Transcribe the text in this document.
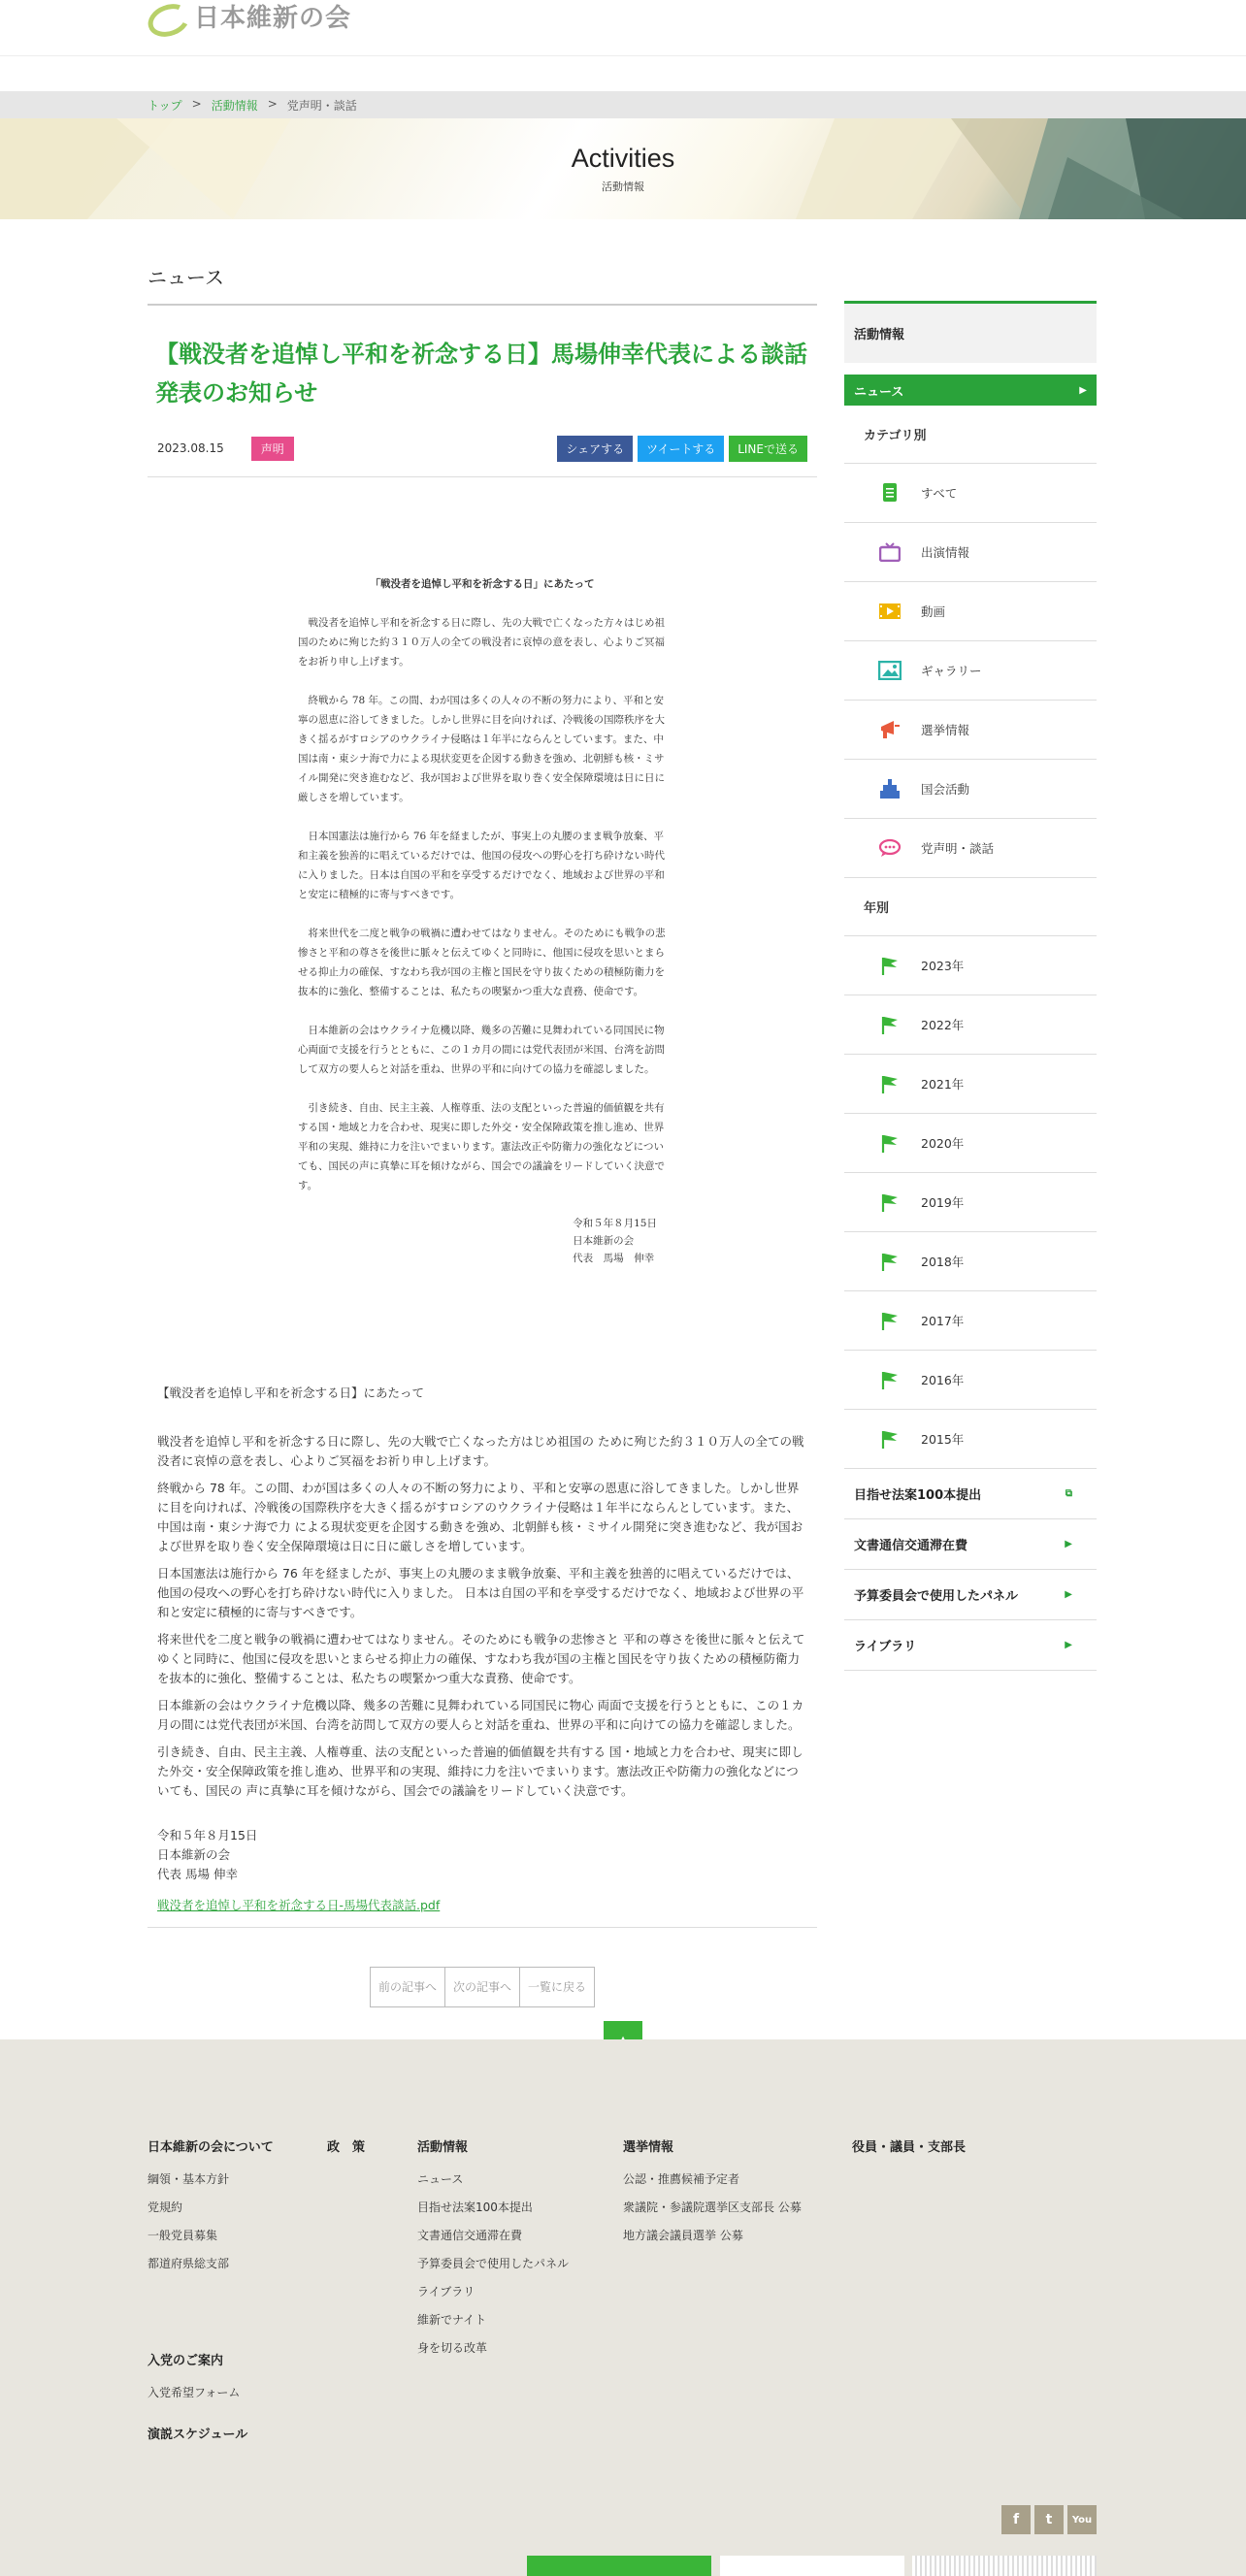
日本維新の会
トップ > 活動情報 > 党声明・談話
Activities
活動情報
ニュース
【戦没者を追悼し平和を祈念する日】馬場伸幸代表による談話発表のお知らせ
2023.08.15	声明	シェアする	ツイートする	LINEで送る
「戦没者を追悼し平和を祈念する日」にあたって

戦没者を追悼し平和を祈念する日に際し、先の大戦で亡くなった方々はじめ祖国のために殉じた約３１０万人の全ての戦没者に哀悼の意を表し、心よりご冥福をお祈り申し上げます。

終戦から 78 年。この間、わが国は多くの人々の不断の努力により、平和と安寧の恩恵に浴してきました。しかし世界に目を向ければ、冷戦後の国際秩序を大きく揺るがすロシアのウクライナ侵略は１年半にならんとしています。また、中国は南・東シナ海で力による現状変更を企図する動きを強め、北朝鮮も核・ミサイル開発に突き進むなど、我が国および世界を取り巻く安全保障環境は日に日に厳しさを増しています。

日本国憲法は施行から 76 年を経ましたが、事実上の丸腰のまま戦争放棄、平和主義を独善的に唱えているだけでは、他国の侵攻への野心を打ち砕けない時代に入りました。日本は自国の平和を享受するだけでなく、地域および世界の平和と安定に積極的に寄与すべきです。

将来世代を二度と戦争の戦禍に遭わせてはなりません。そのためにも戦争の悲惨さと平和の尊さを後世に脈々と伝えてゆくと同時に、他国に侵攻を思いとまらせる抑止力の確保、すなわち我が国の主権と国民を守り抜くための積極防衛力を抜本的に強化、整備することは、私たちの喫緊かつ重大な責務、使命です。

日本維新の会はウクライナ危機以降、幾多の苦難に見舞われている同国民に物心両面で支援を行うとともに、この１カ月の間には党代表団が米国、台湾を訪問して双方の要人らと対話を重ね、世界の平和に向けての協力を確認しました。

引き続き、自由、民主主義、人権尊重、法の支配といった普遍的価値観を共有する国・地域と力を合わせ、現実に即した外交・安全保障政策を推し進め、世界平和の実現、維持に力を注いでまいります。憲法改正や防衛力の強化などについても、国民の声に真摯に耳を傾けながら、国会での議論をリードしていく決意です。

令和５年８月15日
日本維新の会
代表　馬場　伸幸

【戦没者を追悼し平和を祈念する日】にあたって

戦没者を追悼し平和を祈念する日に際し、先の大戦で亡くなった方はじめ祖国の ために殉じた約３１０万人の全ての戦没者に哀悼の意を表し、心よりご冥福をお祈り申し上げます。

終戦から 78 年。この間、わが国は多くの人々の不断の努力により、平和と安寧の恩恵に浴してきました。しかし世界に目を向ければ、冷戦後の国際秩序を大きく揺るがすロシアのウクライナ侵略は１年半にならんとしています。また、中国は南・東シナ海で力 による現状変更を企図する動きを強め、北朝鮮も核・ミサイル開発に突き進むなど、我が国および世界を取り巻く安全保障環境は日に日に厳しさを増しています。

日本国憲法は施行から 76 年を経ましたが、事実上の丸腰のまま戦争放棄、平和主義を独善的に唱えているだけでは、他国の侵攻への野心を打ち砕けない時代に入りました。 日本は自国の平和を享受するだけでなく、地域および世界の平和と安定に積極的に寄与すべきです。

将来世代を二度と戦争の戦禍に遭わせてはなりません。そのためにも戦争の悲惨さと 平和の尊さを後世に脈々と伝えてゆくと同時に、他国に侵攻を思いとまらせる抑止力の確保、すなわち我が国の主権と国民を守り抜くための積極防衛力を抜本的に強化、整備することは、私たちの喫緊かつ重大な責務、使命です。

日本維新の会はウクライナ危機以降、幾多の苦難に見舞われている同国民に物心 両面で支援を行うとともに、この１カ月の間には党代表団が米国、台湾を訪問して双方の要人らと対話を重ね、世界の平和に向けての協力を確認しました。

引き続き、自由、民主主義、人権尊重、法の支配といった普遍的価値観を共有する 国・地域と力を合わせ、現実に即した外交・安全保障政策を推し進め、世界平和の実現、維持に力を注いでまいります。憲法改正や防衛力の強化などについても、国民の 声に真摯に耳を傾けながら、国会での議論をリードしていく決意です。

令和５年８月15日
日本維新の会
代表 馬場 伸幸
戦没者を追悼し平和を祈念する日-馬場代表談話.pdf
前の記事へ	次の記事へ	一覧に戻る
活動情報
ニュース	▶
カテゴリ別
すべて
出演情報
動画
ギャラリー
選挙情報
国会活動
党声明・談話
年別
2023年
2022年
2021年
2020年
2019年
2018年
2017年
2016年
2015年
目指せ法案100本提出	⧉
文書通信交通滞在費	▶
予算委員会で使用したパネル	▶
ライブラリ	▶
日本維新の会について
綱領・基本方針
党規約
一般党員募集
都道府県総支部
政　策	活動情報
ニュース
目指せ法案100本提出
文書通信交通滞在費
予算委員会で使用したパネル
ライブラリ
維新でナイト
身を切る改革
選挙情報
公認・推薦候補予定者
衆議院・参議院選挙区支部長 公募
地方議会議員選挙 公募
役員・議員・支部長
入党のご案内
入党希望フォーム
演説スケジュール
f	t	You
